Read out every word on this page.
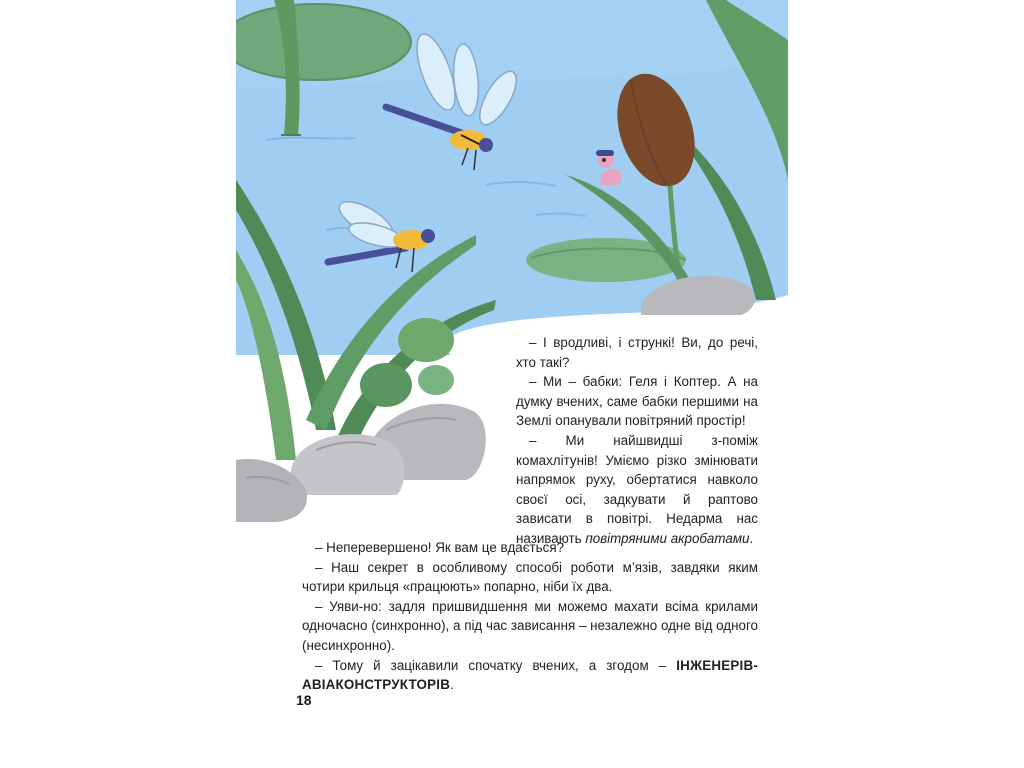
– І вродливі, і стрункі! Ви, до речі, хто такі?

– Ми – бабки: Геля і Коптер. А на думку вчених, саме бабки першими на Землі опанували повітряний простір!

– Ми найшвидші з-поміж комахлітунів! Уміємо різко змінювати напрямок руху, обертатися навколо своєї осі, задкувати й раптово зависати в повітрі. Недарма нас називають повітряними акробатами.

– Неперевершено! Як вам це вдається?

– Наш секрет в особливому способі роботи м’язів, завдяки яким чотири крильця «працюють» попарно, ніби їх два.

– Уяви-но: задля пришвидшення ми можемо махати всіма крилами одночасно (синхронно), а під час зависання – незалежно одне від одного (несинхронно).

– Тому й зацікавили спочатку вчених, а згодом – ІНЖЕНЕРІВ-АВІАКОНСТРУКТОРІВ.

18
